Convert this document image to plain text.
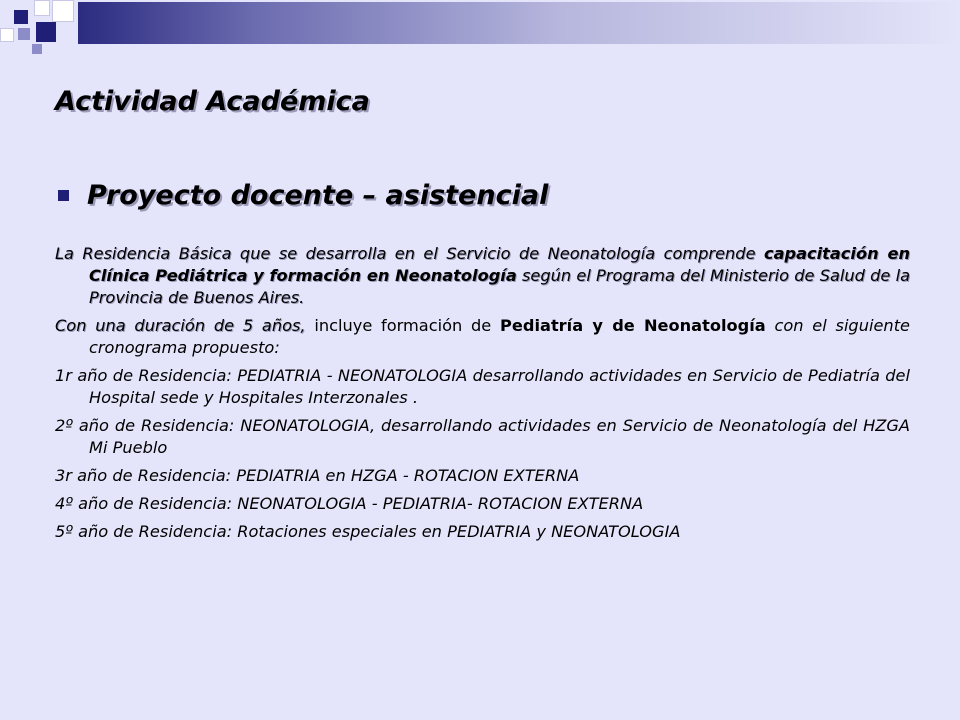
Actividad Académica
Proyecto docente – asistencial

La Residencia Básica que se desarrolla en el Servicio de Neonatología comprende capacitación en Clínica Pediátrica y formación en Neonatología según el Programa del Ministerio de Salud de la Provincia de Buenos Aires.

Con una duración de 5 años, incluye formación de Pediatría y de Neonatología con el siguiente cronograma propuesto:

1r año de Residencia: PEDIATRIA - NEONATOLOGIA desarrollando actividades en Servicio de Pediatría del Hospital sede y Hospitales Interzonales .

2º año de Residencia: NEONATOLOGIA, desarrollando actividades en Servicio de Neonatología del HZGA Mi Pueblo

3r año de Residencia: PEDIATRIA en HZGA - ROTACION EXTERNA

4º año de Residencia: NEONATOLOGIA - PEDIATRIA- ROTACION EXTERNA

5º año de Residencia: Rotaciones especiales en PEDIATRIA y NEONATOLOGIA
